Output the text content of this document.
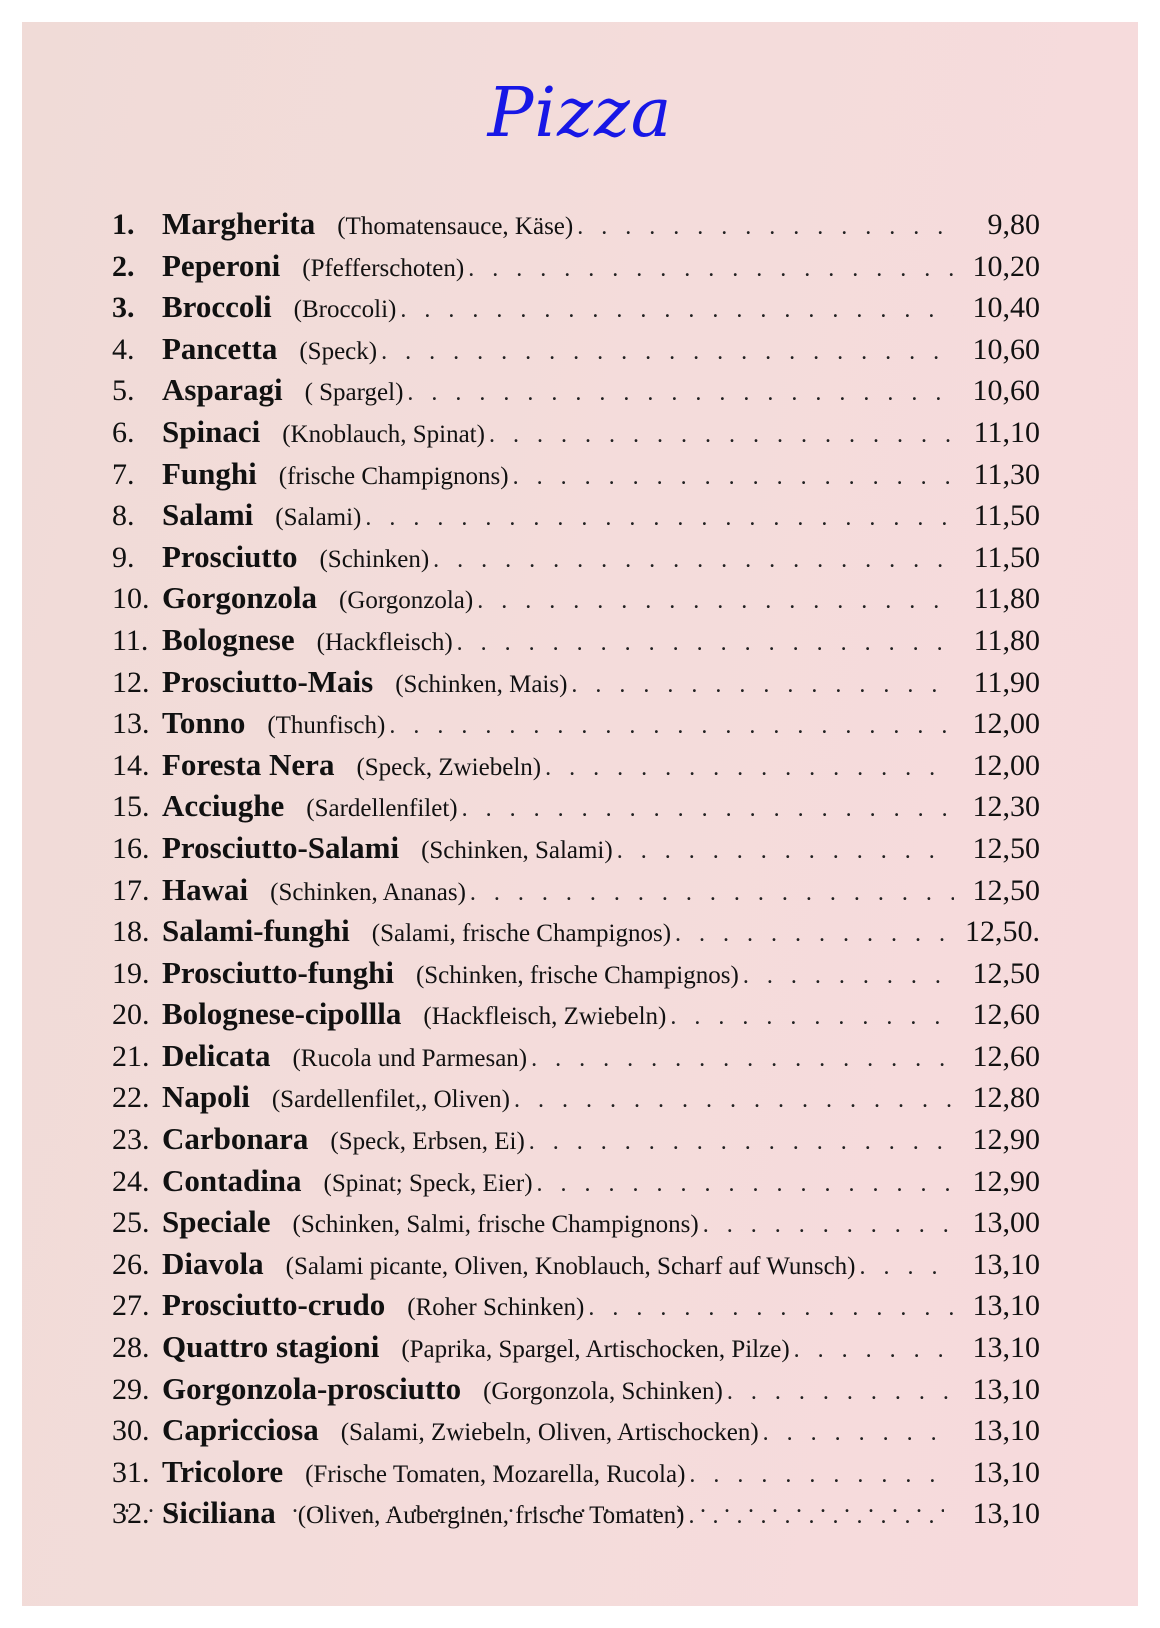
Pizza
1. Margherita (Thomatensauce, Käse) . . .	9,80
2. Peperoni (Pfefferschoten) . . .	10,20
3. Broccoli (Broccoli) . . .	10,40
4. Pancetta (Speck) . . .	10,60
5. Asparagi ( Spargel) . . .	10,60
6. Spinaci (Knoblauch, Spinat) . . .	11,10
7. Funghi (frische Champignons) . . .	11,30
8. Salami (Salami) . . .	11,50
9. Prosciutto (Schinken) . . .	11,50
10. Gorgonzola (Gorgonzola) . . .	11,80
11. Bolognese (Hackfleisch) . . .	11,80
12. Prosciutto-Mais (Schinken, Mais) . . .	11,90
13. Tonno (Thunfisch) . . .	12,00
14. Foresta Nera (Speck, Zwiebeln) . . .	12,00
15. Acciughe (Sardellenfilet) . . .	12,30
16. Prosciutto-Salami (Schinken, Salami) . . .	12,50
17. Hawai (Schinken, Ananas) . . .	12,50
18. Salami-funghi (Salami, frische Champignos) . . .	12,50.
19. Prosciutto-funghi (Schinken, frische Champignos) . . .	12,50
20. Bolognese-cipollla (Hackfleisch, Zwiebeln) . . .	12,60
21. Delicata (Rucola und Parmesan) . . .	12,60
22. Napoli (Sardellenfilet,, Oliven) . . .	12,80
23. Carbonara (Speck, Erbsen, Ei) . . .	12,90
24. Contadina (Spinat; Speck, Eier) . . .	12,90
25. Speciale (Schinken, Salmi, frische Champignons) . . .	13,00
26. Diavola (Salami picante, Oliven, Knoblauch, Scharf auf Wunsch) . . .	13,10
27. Prosciutto-crudo (Roher Schinken) . . .	13,10
28. Quattro stagioni (Paprika, Spargel, Artischocken, Pilze) . . .	13,10
29. Gorgonzola-prosciutto (Gorgonzola, Schinken) . . .	13,10
30. Capricciosa (Salami, Zwiebeln, Oliven, Artischocken) . . .	13,10
31. Tricolore (Frische Tomaten, Mozarella, Rucola) . . .	13,10
32. Siciliana (Oliven, Auberginen, frische Tomaten) . . .	13,10
. . .
